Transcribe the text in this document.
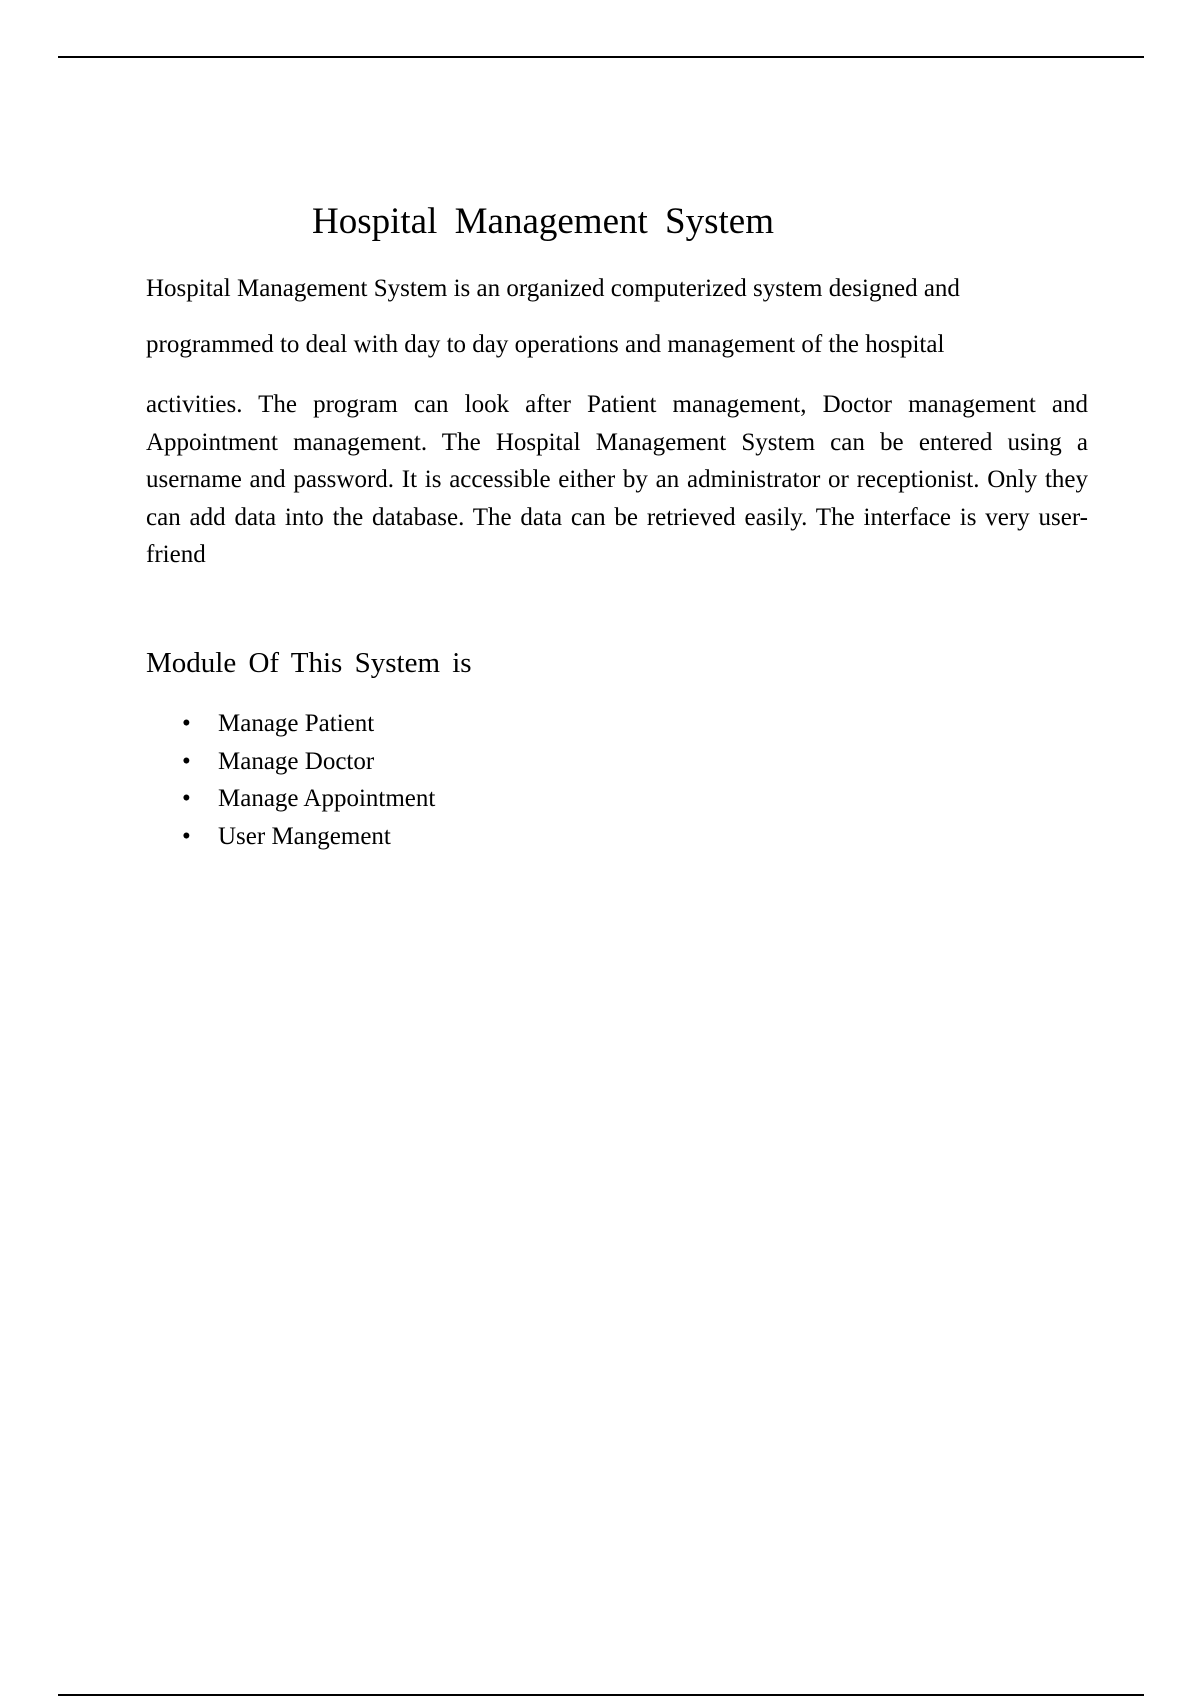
Hospital Management System

Hospital Management System is an organized computerized system designed and

programmed to deal with day to day operations and management of the hospital

activities. The program can look after Patient management, Doctor management and Appointment management. The Hospital Management System can be entered using a username and password. It is accessible either by an administrator or receptionist. Only they can add data into the database. The data can be retrieved easily. The interface is very user-friend

Module Of This System is
• Manage Patient
• Manage Doctor
• Manage Appointment
• User Mangement
